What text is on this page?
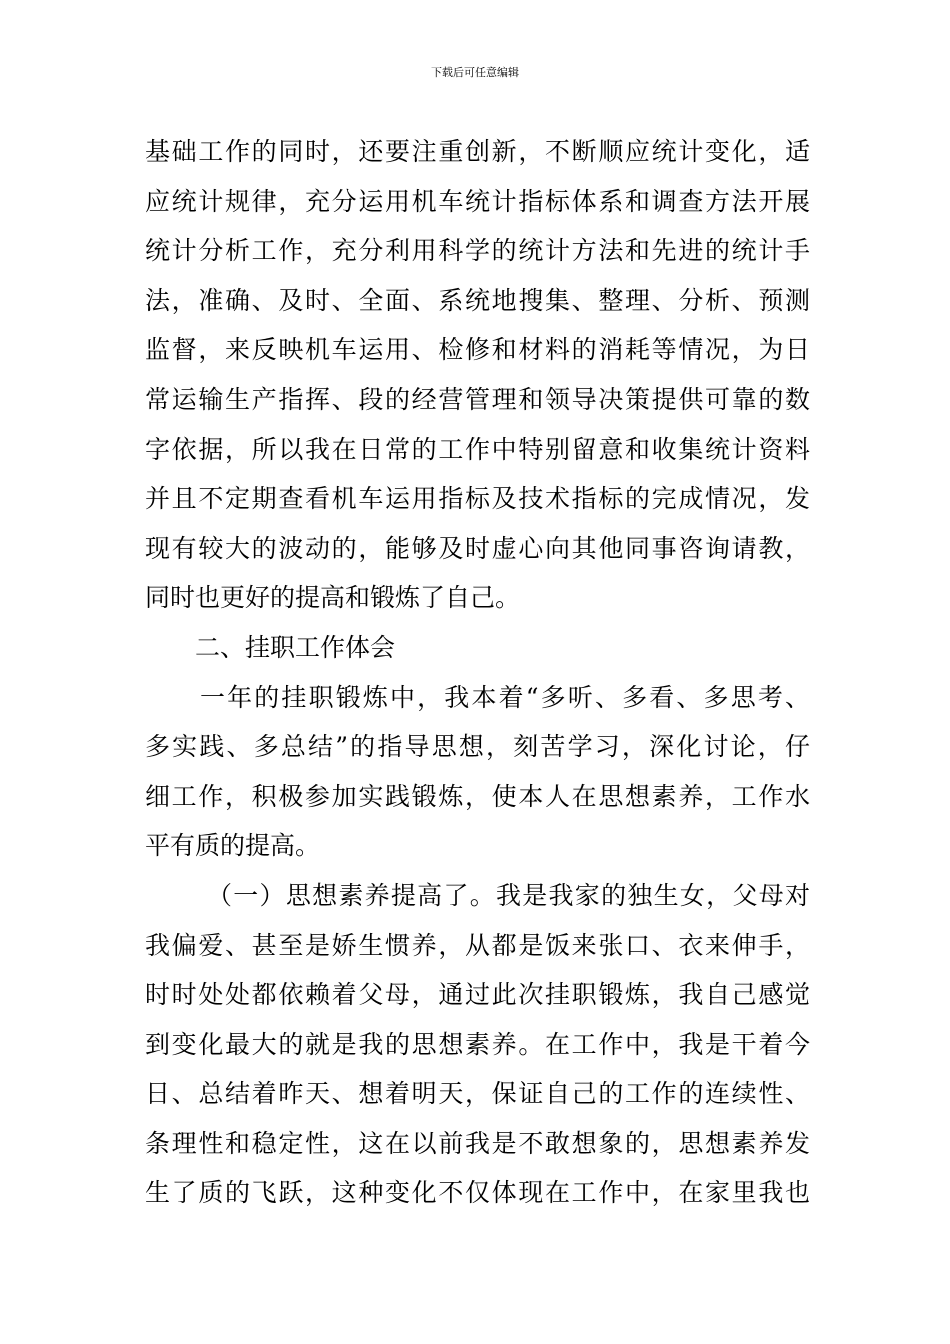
下载后可任意编辑
基础工作的同时，还要注重创新，不断顺应统计变化，适
应统计规律，充分运用机车统计指标体系和调查方法开展
统计分析工作，充分利用科学的统计方法和先进的统计手
法，准确、及时、全面、系统地搜集、整理、分析、预测
监督，来反映机车运用、检修和材料的消耗等情况，为日
常运输生产指挥、段的经营管理和领导决策提供可靠的数
字依据，所以我在日常的工作中特别留意和收集统计资料
并且不定期查看机车运用指标及技术指标的完成情况，发
现有较大的波动的，能够及时虚心向其他同事咨询请教，
同时也更好的提高和锻炼了自己。
二、挂职工作体会
一年的挂职锻炼中，我本着“多听、多看、多思考、
多实践、多总结”的指导思想，刻苦学习，深化讨论，仔
细工作，积极参加实践锻炼，使本人在思想素养，工作水
平有质的提高。
（一）思想素养提高了。我是我家的独生女，父母对
我偏爱、甚至是娇生惯养，从都是饭来张口、衣来伸手，
时时处处都依赖着父母，通过此次挂职锻炼，我自己感觉
到变化最大的就是我的思想素养。在工作中，我是干着今
日、总结着昨天、想着明天，保证自己的工作的连续性、
条理性和稳定性，这在以前我是不敢想象的，思想素养发
生了质的飞跃，这种变化不仅体现在工作中，在家里我也
